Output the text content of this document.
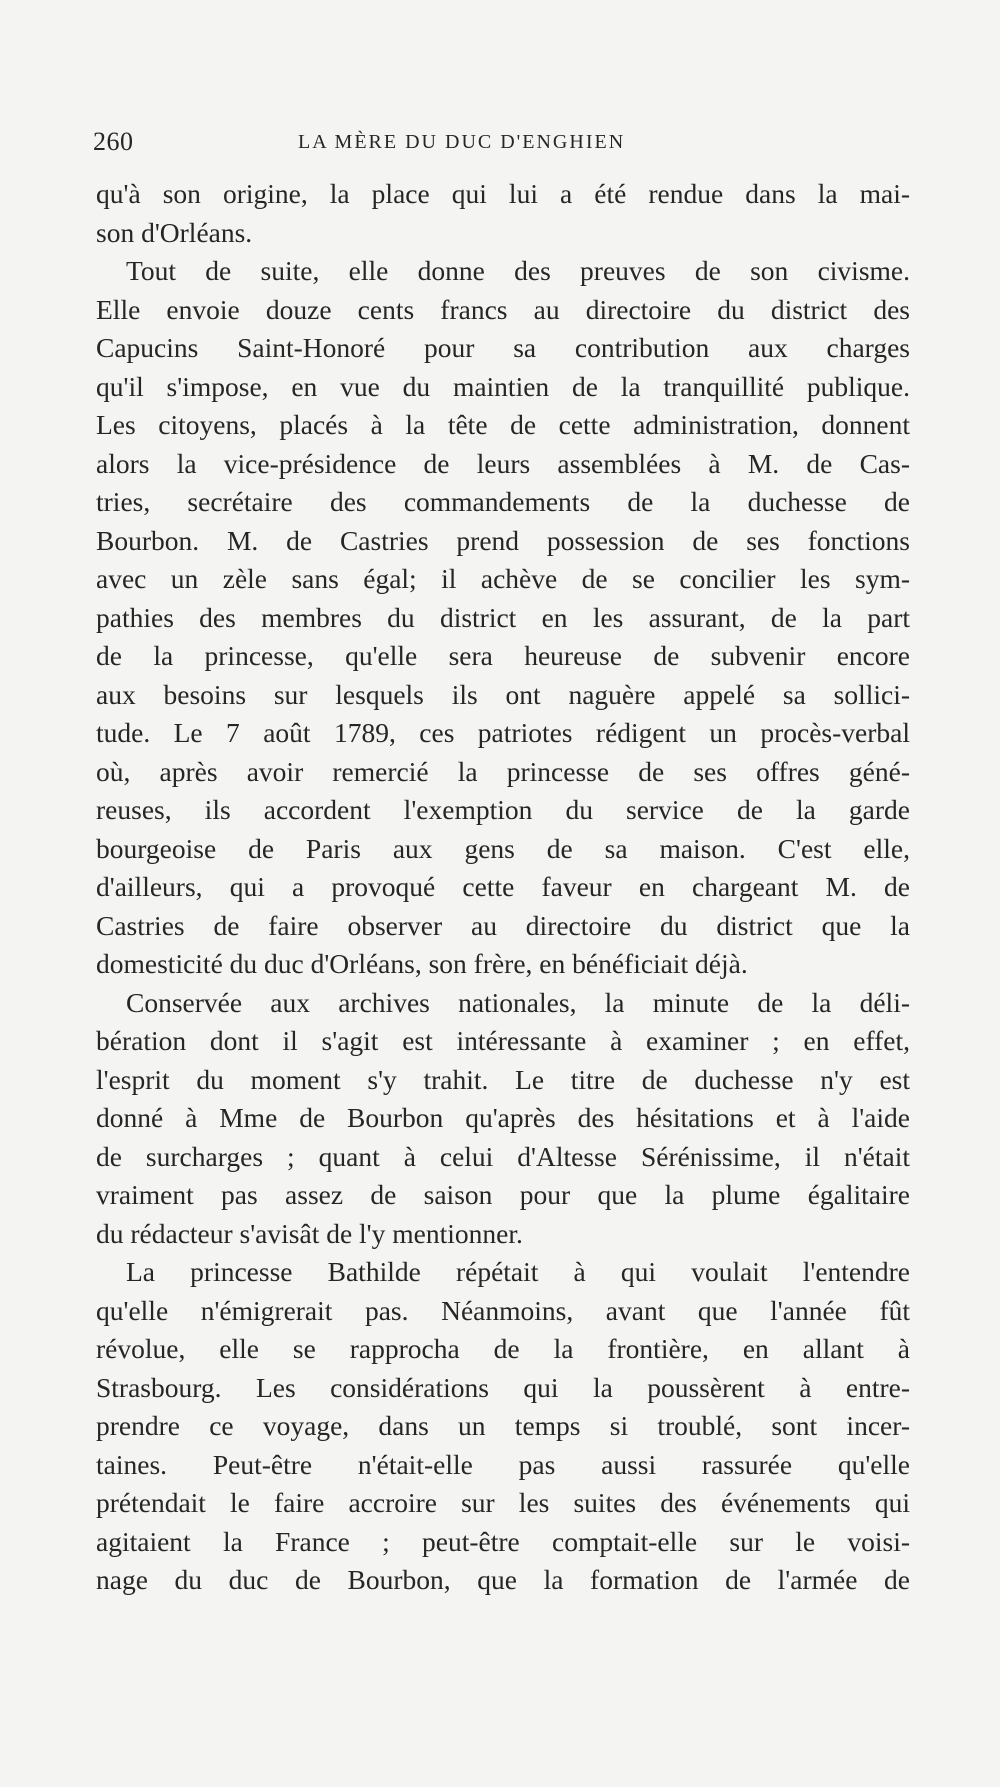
260	LA MÈRE DU DUC D'ENGHIEN
qu'à son origine, la place qui lui a été rendue dans la mai-
son d'Orléans.
Tout de suite, elle donne des preuves de son civisme.
Elle envoie douze cents francs au directoire du district des
Capucins Saint-Honoré pour sa contribution aux charges
qu'il s'impose, en vue du maintien de la tranquillité publique.
Les citoyens, placés à la tête de cette administration, donnent
alors la vice-présidence de leurs assemblées à M. de Cas-
tries, secrétaire des commandements de la duchesse de
Bourbon. M. de Castries prend possession de ses fonctions
avec un zèle sans égal; il achève de se concilier les sym-
pathies des membres du district en les assurant, de la part
de la princesse, qu'elle sera heureuse de subvenir encore
aux besoins sur lesquels ils ont naguère appelé sa sollici-
tude. Le 7 août 1789, ces patriotes rédigent un procès-verbal
où, après avoir remercié la princesse de ses offres géné-
reuses, ils accordent l'exemption du service de la garde
bourgeoise de Paris aux gens de sa maison. C'est elle,
d'ailleurs, qui a provoqué cette faveur en chargeant M. de
Castries de faire observer au directoire du district que la
domesticité du duc d'Orléans, son frère, en bénéficiait déjà.
Conservée aux archives nationales, la minute de la déli-
bération dont il s'agit est intéressante à examiner ; en effet,
l'esprit du moment s'y trahit. Le titre de duchesse n'y est
donné à Mme de Bourbon qu'après des hésitations et à l'aide
de surcharges ; quant à celui d'Altesse Sérénissime, il n'était
vraiment pas assez de saison pour que la plume égalitaire
du rédacteur s'avisât de l'y mentionner.
La princesse Bathilde répétait à qui voulait l'entendre
qu'elle n'émigrerait pas. Néanmoins, avant que l'année fût
révolue, elle se rapprocha de la frontière, en allant à
Strasbourg. Les considérations qui la poussèrent à entre-
prendre ce voyage, dans un temps si troublé, sont incer-
taines. Peut-être n'était-elle pas aussi rassurée qu'elle
prétendait le faire accroire sur les suites des événements qui
agitaient la France ; peut-être comptait-elle sur le voisi-
nage du duc de Bourbon, que la formation de l'armée de
